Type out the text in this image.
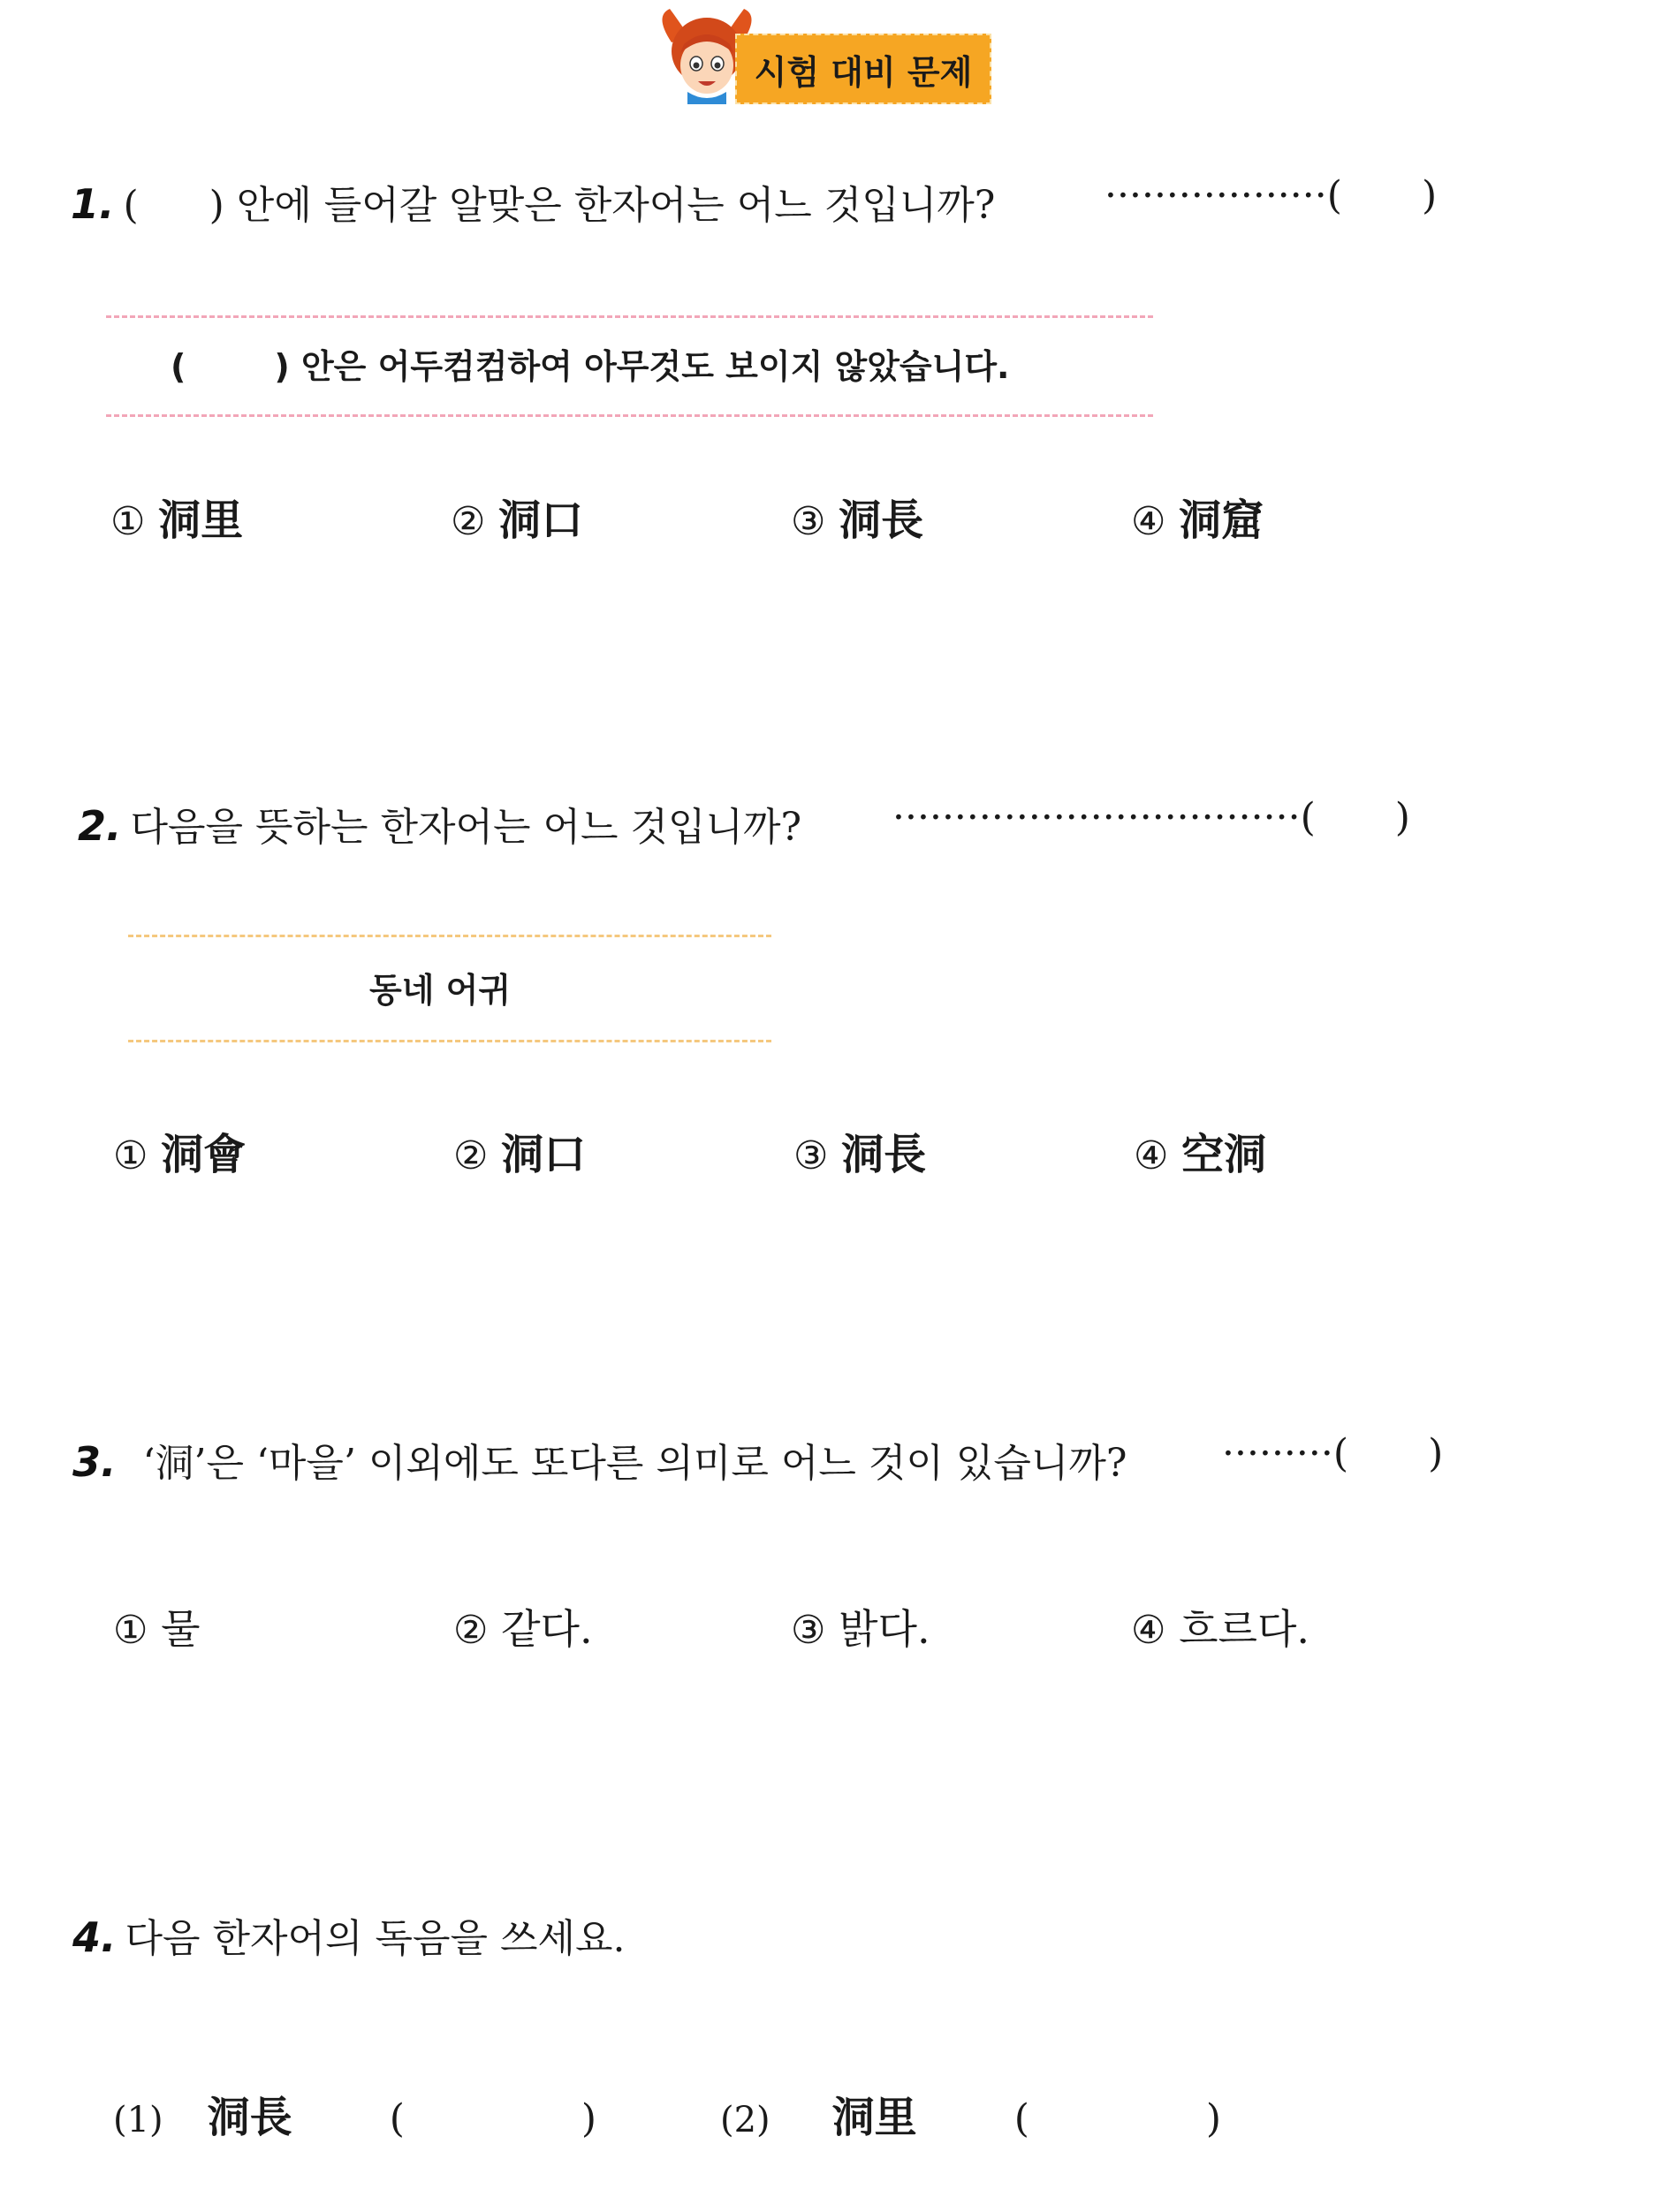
시험 대비 문제
1. ( ) 안에 들어갈 알맞은 한자어는 어느 것입니까?	·················· ( )
(	) 안은 어두컴컴하여 아무것도 보이지 않았습니다.
①
洞里	②
洞口	③
洞長	④
洞窟
2. 다음을 뜻하는 한자어는 어느 것입니까? ································· ( )
동네 어귀
①
洞會	②
洞口	③
洞長	④
空洞
3. ‘洞’은 ‘마을’ 이외에도 또다른 의미로 어느 것이 있습니까? ········· ( )
①
물	②
같다.	③
밝다.	④
흐르다.
4. 다음 한자어의 독음을 쓰세요.
(1) 洞長	(	)	(2) 洞里	(	)
